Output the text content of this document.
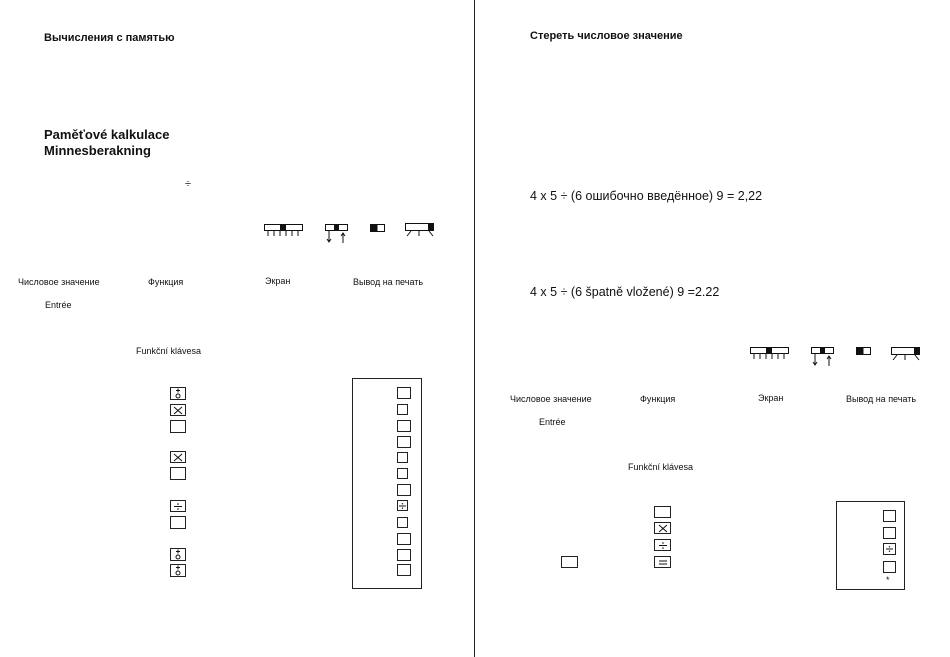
Вычисления с памятью
Paměťové kalkulace
Minnesberakning
÷
Числовое значение	Функция	Экран	Вывод на печать
Entrée
Funkční klávesa
Стереть числовое значение
4 x 5 ÷ (6 ошибочно введённое) 9 = 2,22
4 x 5 ÷ (6 špatně vložené) 9 =2.22
Числовое значение	Функция	Экран	Вывод на печать
Entrée
Funkční klávesa
*
